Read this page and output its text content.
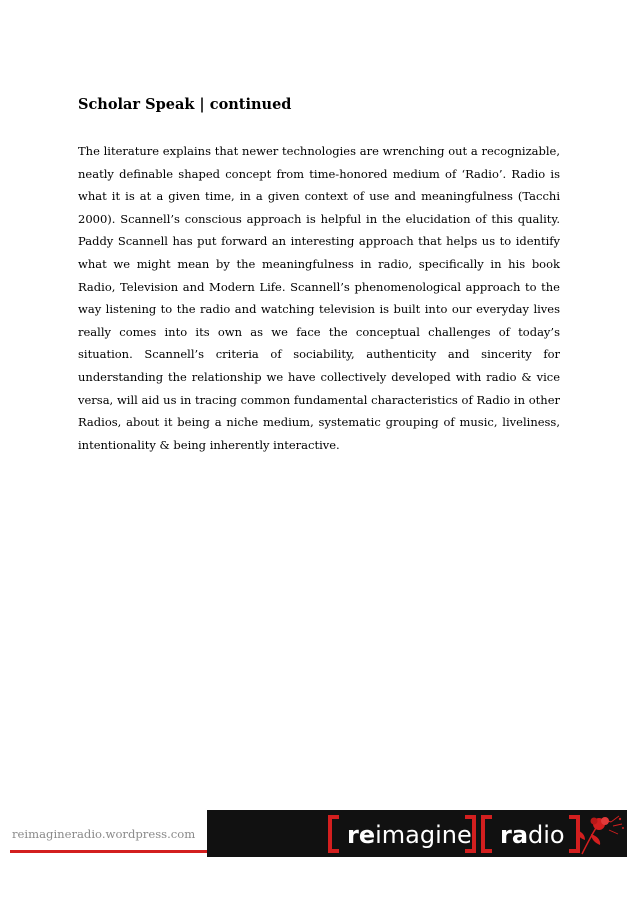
Scholar Speak | continued

The literature explains that newer technologies are wrenching out a recognizable, neatly definable shaped concept from time-honored medium of ‘Radio’. Radio is what it is at a given time, in a given context of use and meaningfulness (Tacchi 2000). Scannell’s conscious approach is helpful in the elucidation of this quality. Paddy Scannell has put forward an interesting approach that helps us to identify what we might mean by the meaningfulness in radio, specifically in his book Radio, Television and Modern Life. Scannell’s phenomenological approach to the way listening to the radio and watching television is built into our everyday lives really comes into its own as we face the conceptual challenges of today’s situation. Scannell’s criteria of sociability, authenticity and sincerity for understanding the relationship we have collectively developed with radio & vice versa, will aid us in tracing common fundamental characteristics of Radio in other Radios, about it being a niche medium, systematic grouping of music, liveliness, intentionality & being inherently interactive.

reimagineradio.wordpress.com	reimagine radio
